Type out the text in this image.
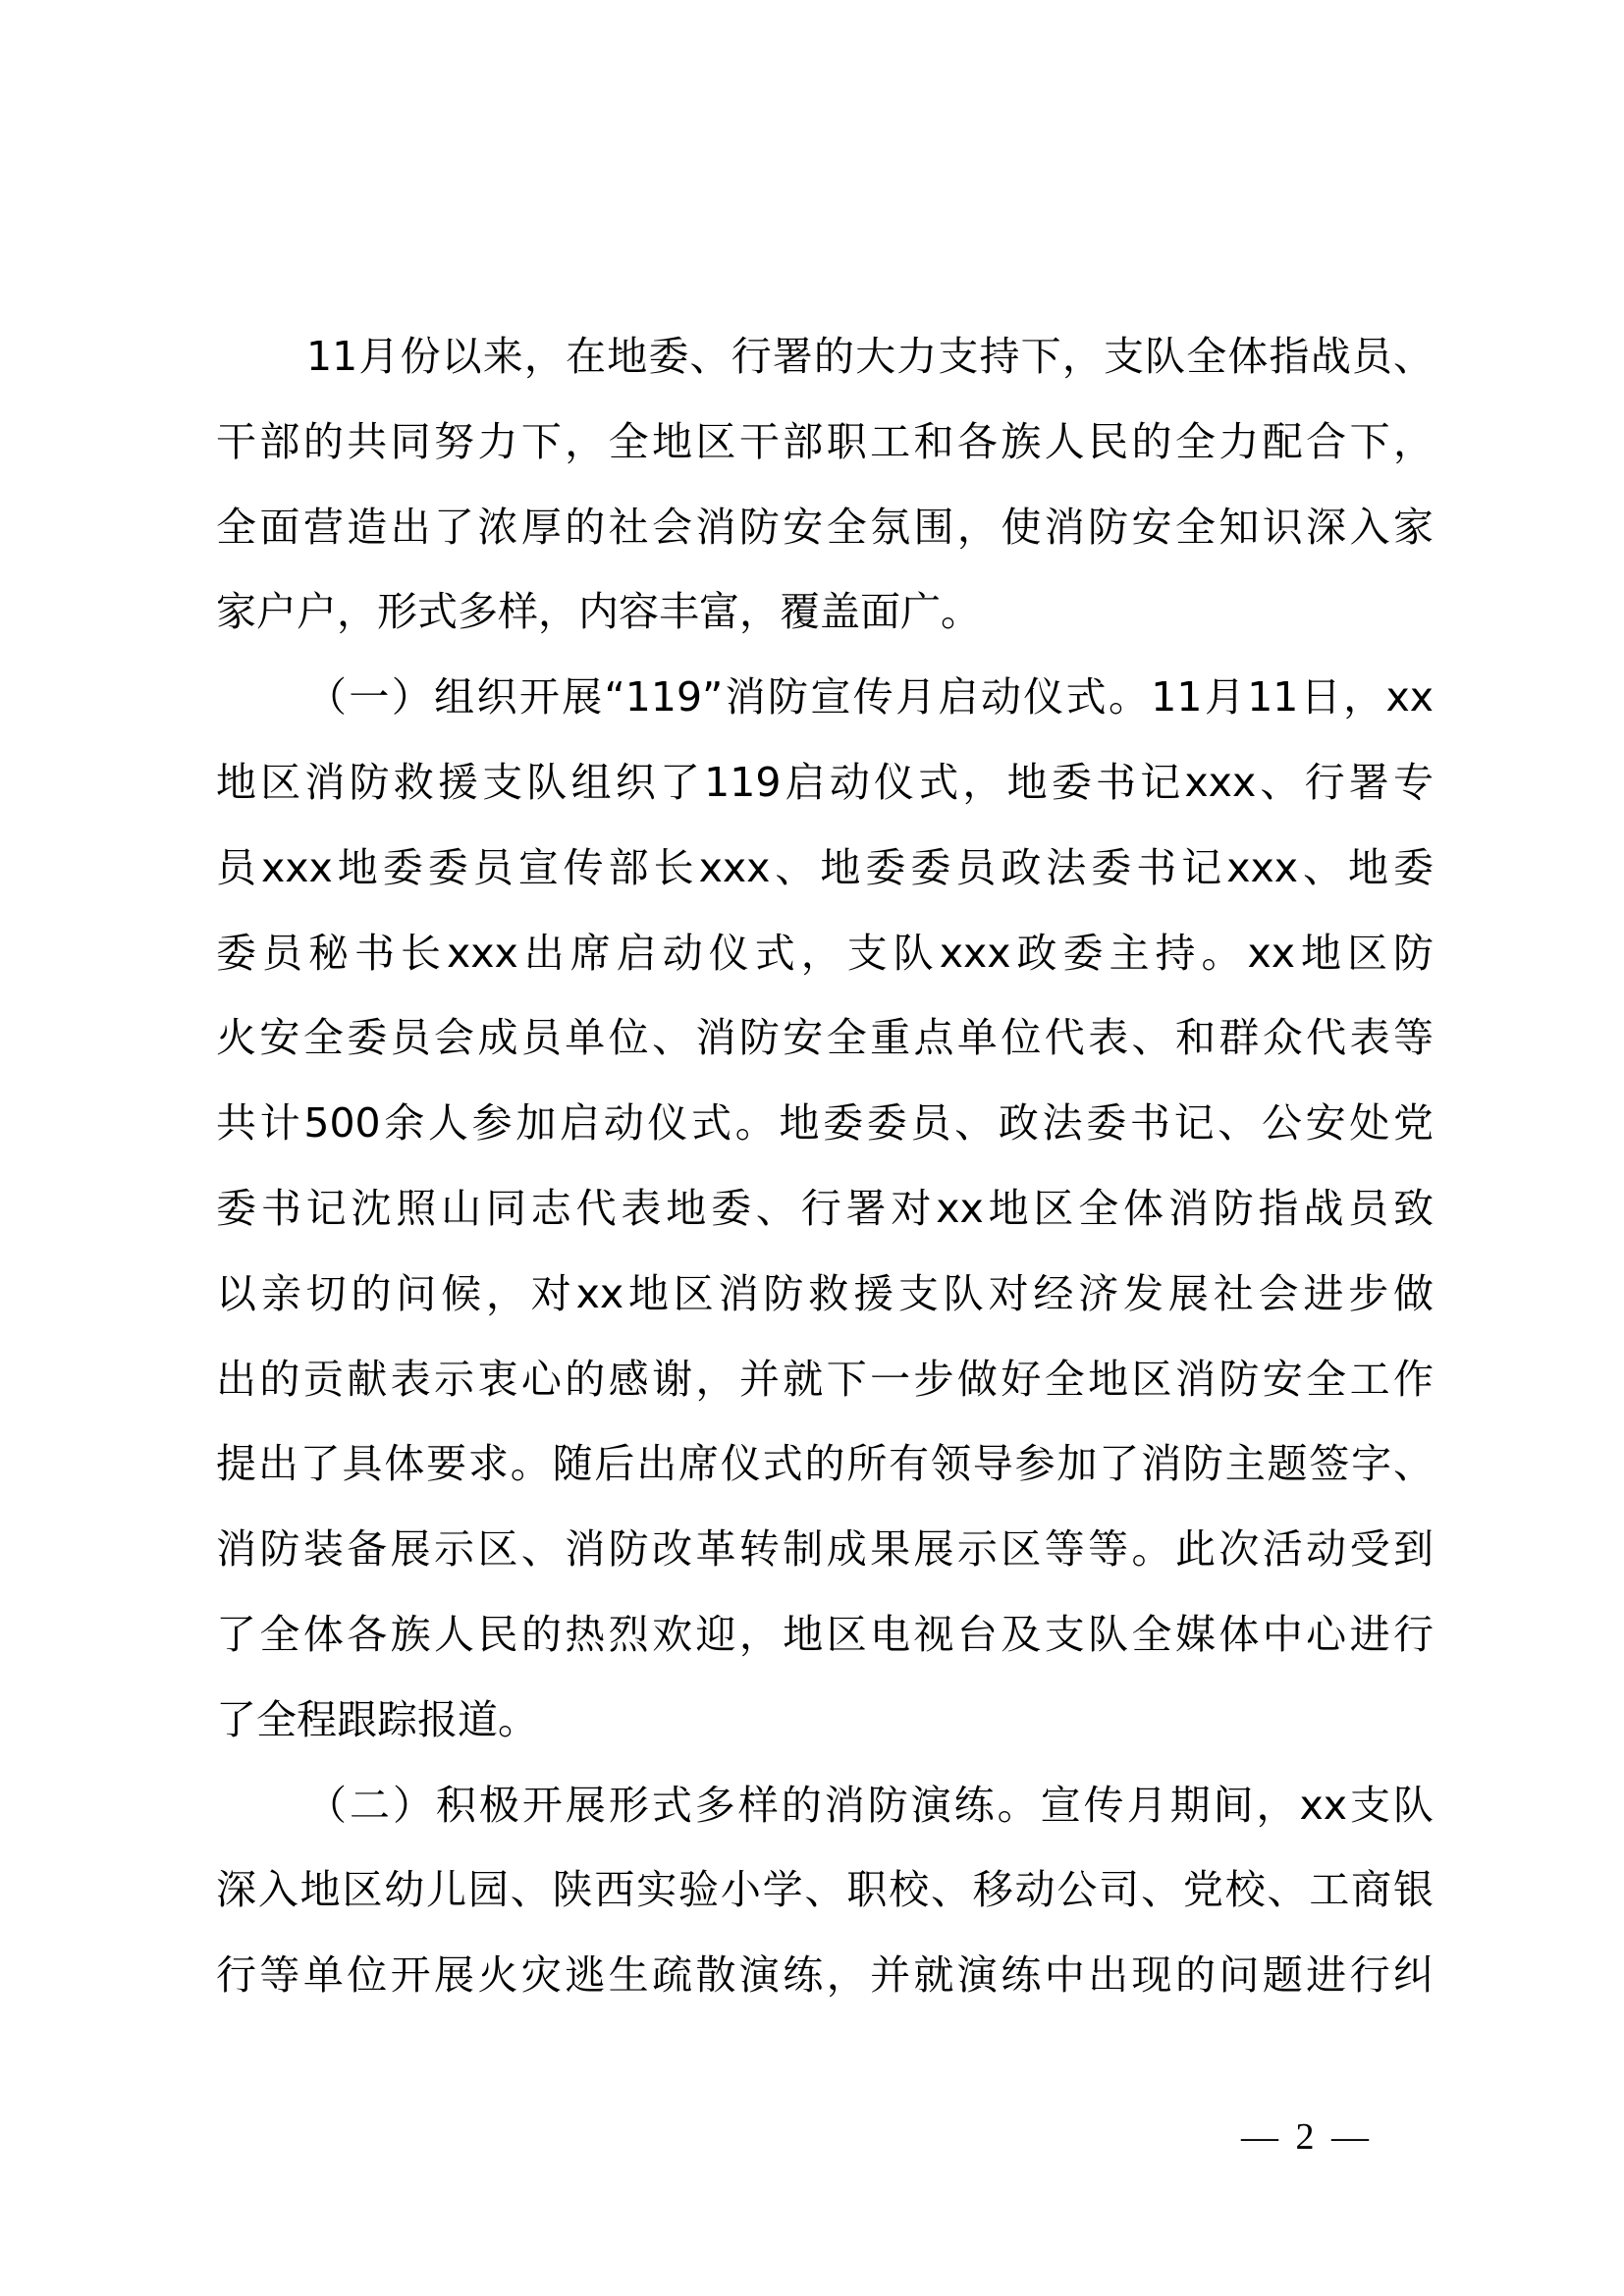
11月份以来，在地委、行署的大力支持下，支队全体指战员、
干部的共同努力下，全地区干部职工和各族人民的全力配合下，
全面营造出了浓厚的社会消防安全氛围，使消防安全知识深入家
家户户，形式多样，内容丰富，覆盖面广。
（一）组织开展“119”消防宣传月启动仪式。11月11日，xx
地区消防救援支队组织了119启动仪式，地委书记xxx、行署专
员xxx地委委员宣传部长xxx、地委委员政法委书记xxx、地委
委员秘书长xxx出席启动仪式，支队xxx政委主持。xx地区防
火安全委员会成员单位、消防安全重点单位代表、和群众代表等
共计500余人参加启动仪式。地委委员、政法委书记、公安处党
委书记沈照山同志代表地委、行署对xx地区全体消防指战员致
以亲切的问候，对xx地区消防救援支队对经济发展社会进步做
出的贡献表示衷心的感谢，并就下一步做好全地区消防安全工作
提出了具体要求。随后出席仪式的所有领导参加了消防主题签字、
消防装备展示区、消防改革转制成果展示区等等。此次活动受到
了全体各族人民的热烈欢迎，地区电视台及支队全媒体中心进行
了全程跟踪报道。
（二）积极开展形式多样的消防演练。宣传月期间，xx支队
深入地区幼儿园、陕西实验小学、职校、移动公司、党校、工商银
行等单位开展火灾逃生疏散演练，并就演练中出现的问题进行纠
— 2 —
